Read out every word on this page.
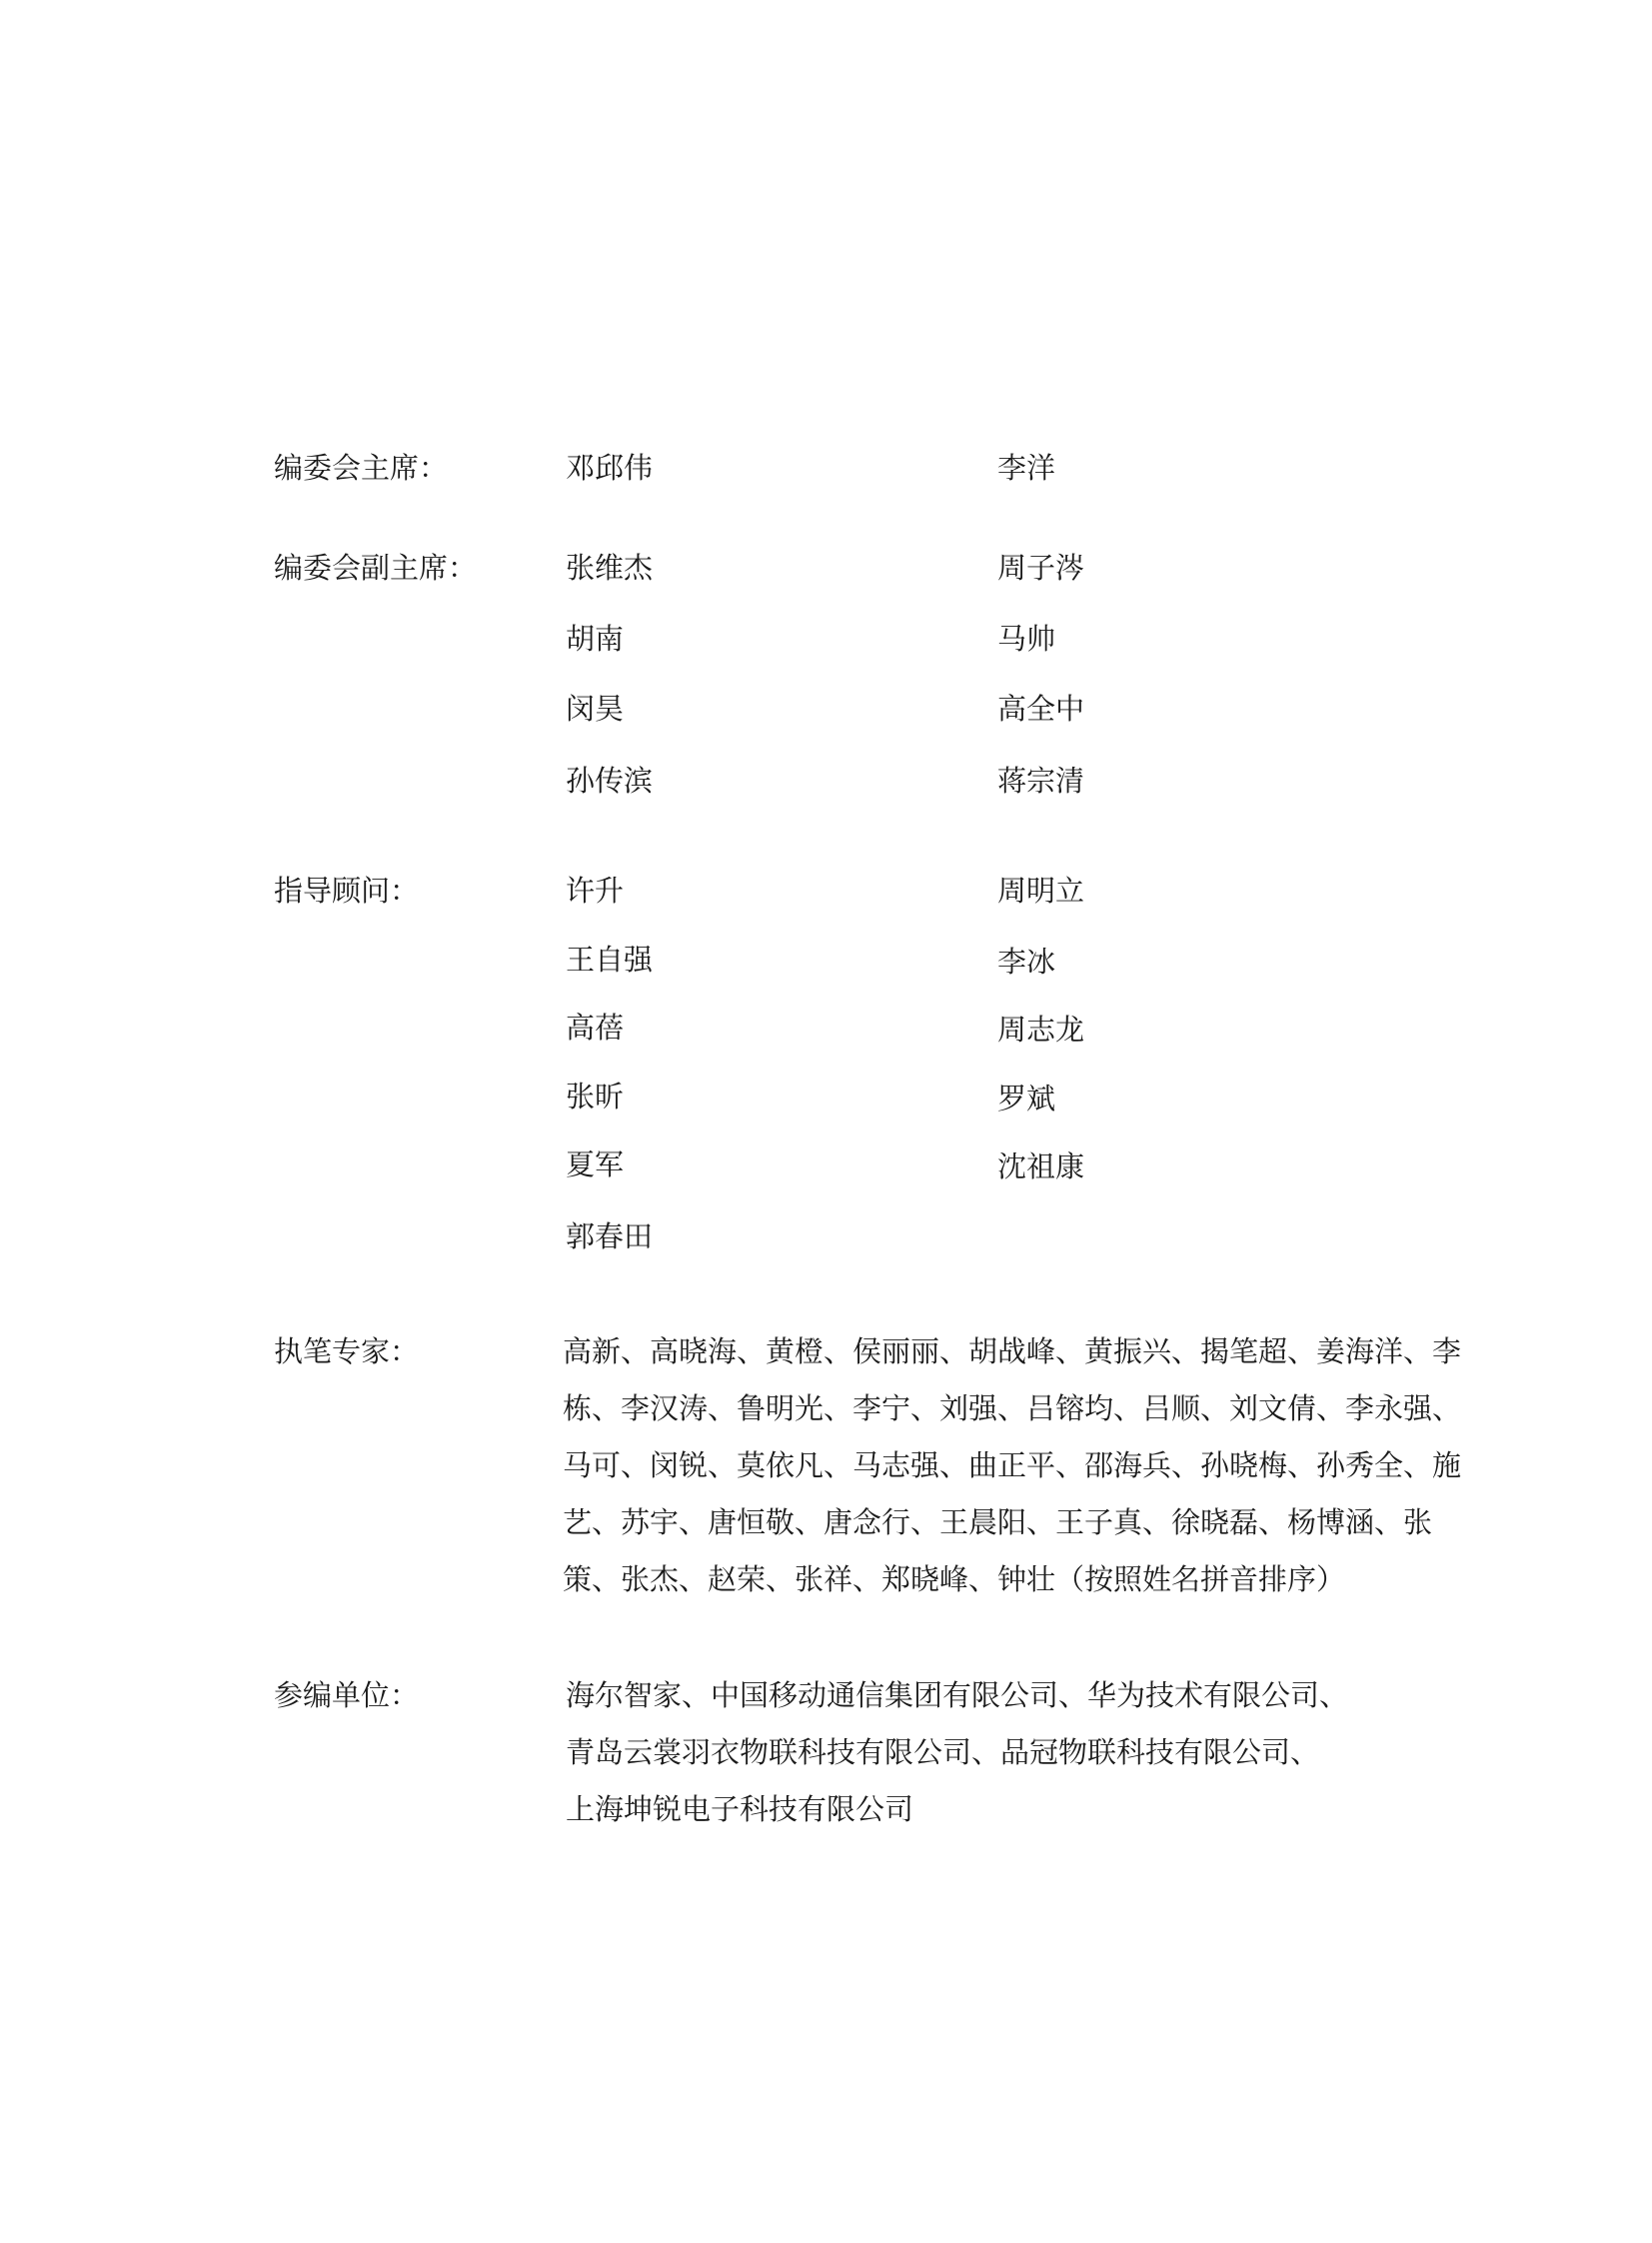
编委会主席：	邓邱伟	李洋
编委会副主席：	张维杰	周子涔
胡南	马帅
闵昊	高全中
孙传滨	蒋宗清
指导顾问：	许升	周明立
王自强	李冰
高蓓	周志龙
张昕	罗斌
夏军	沈祖康
郭春田
执笔专家：	高新、高晓海、黄橙、侯丽丽、胡战峰、黄振兴、揭笔超、姜海洋、李
栋、李汉涛、鲁明光、李宁、刘强、吕镕均、吕顺、刘文倩、李永强、
马可、闵锐、莫依凡、马志强、曲正平、邵海兵、孙晓梅、孙秀全、施
艺、苏宇、唐恒敬、唐念行、王晨阳、王子真、徐晓磊、杨博涵、张
策、张杰、赵荣、张祥、郑晓峰、钟壮（按照姓名拼音排序）
参编单位：	海尔智家、中国移动通信集团有限公司、华为技术有限公司、
青岛云裳羽衣物联科技有限公司、品冠物联科技有限公司、
上海坤锐电子科技有限公司
